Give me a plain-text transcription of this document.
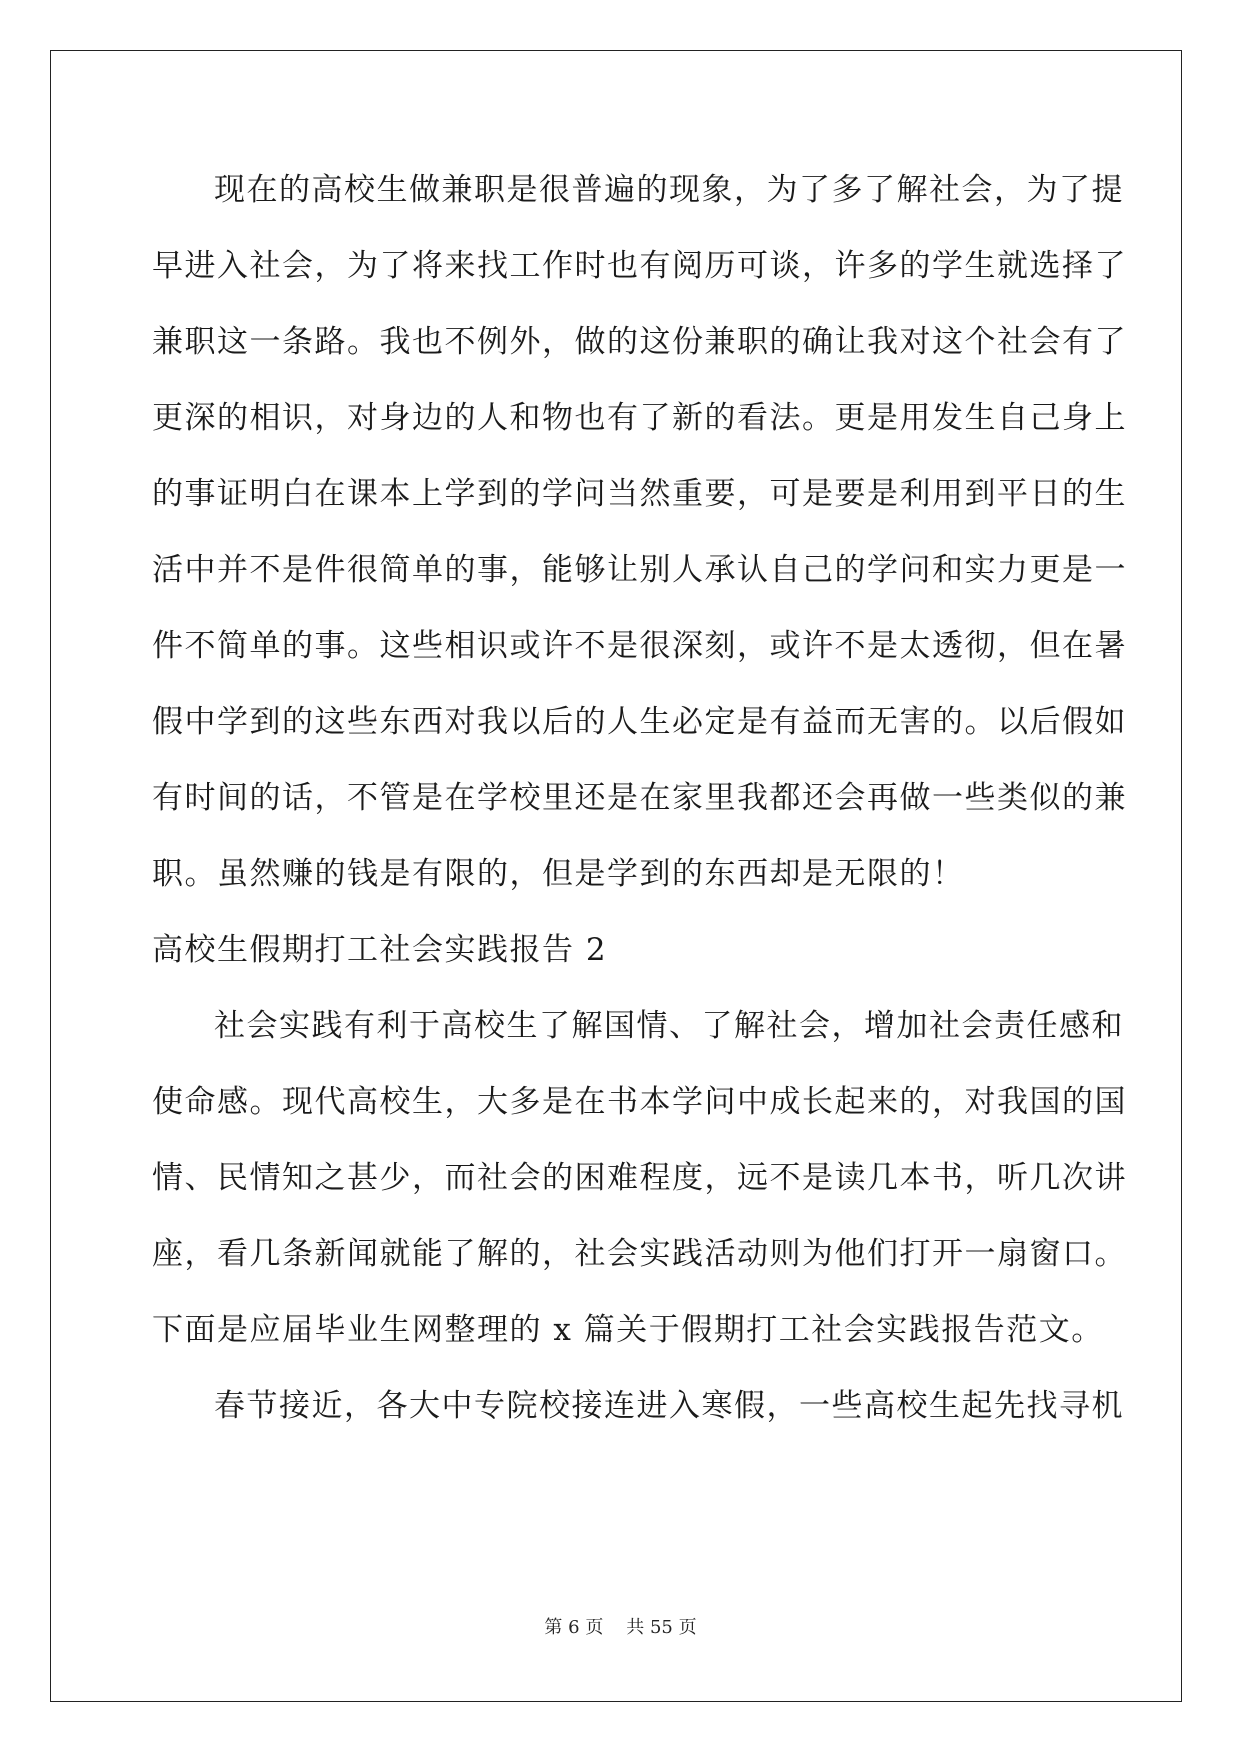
现在的高校生做兼职是很普遍的现象，为了多了解社会，为了提
早进入社会，为了将来找工作时也有阅历可谈，许多的学生就选择了
兼职这一条路。我也不例外，做的这份兼职的确让我对这个社会有了
更深的相识，对身边的人和物也有了新的看法。更是用发生自己身上
的事证明白在课本上学到的学问当然重要，可是要是利用到平日的生
活中并不是件很简单的事，能够让别人承认自己的学问和实力更是一
件不简单的事。这些相识或许不是很深刻，或许不是太透彻，但在暑
假中学到的这些东西对我以后的人生必定是有益而无害的。以后假如
有时间的话，不管是在学校里还是在家里我都还会再做一些类似的兼
职。虽然赚的钱是有限的，但是学到的东西却是无限的！
高校生假期打工社会实践报告 2
社会实践有利于高校生了解国情、了解社会，增加社会责任感和
使命感。现代高校生，大多是在书本学问中成长起来的，对我国的国
情、民情知之甚少，而社会的困难程度，远不是读几本书，听几次讲
座，看几条新闻就能了解的，社会实践活动则为他们打开一扇窗口。
下面是应届毕业生网整理的 x 篇关于假期打工社会实践报告范文。
春节接近，各大中专院校接连进入寒假，一些高校生起先找寻机
第 6 页 共 55 页
